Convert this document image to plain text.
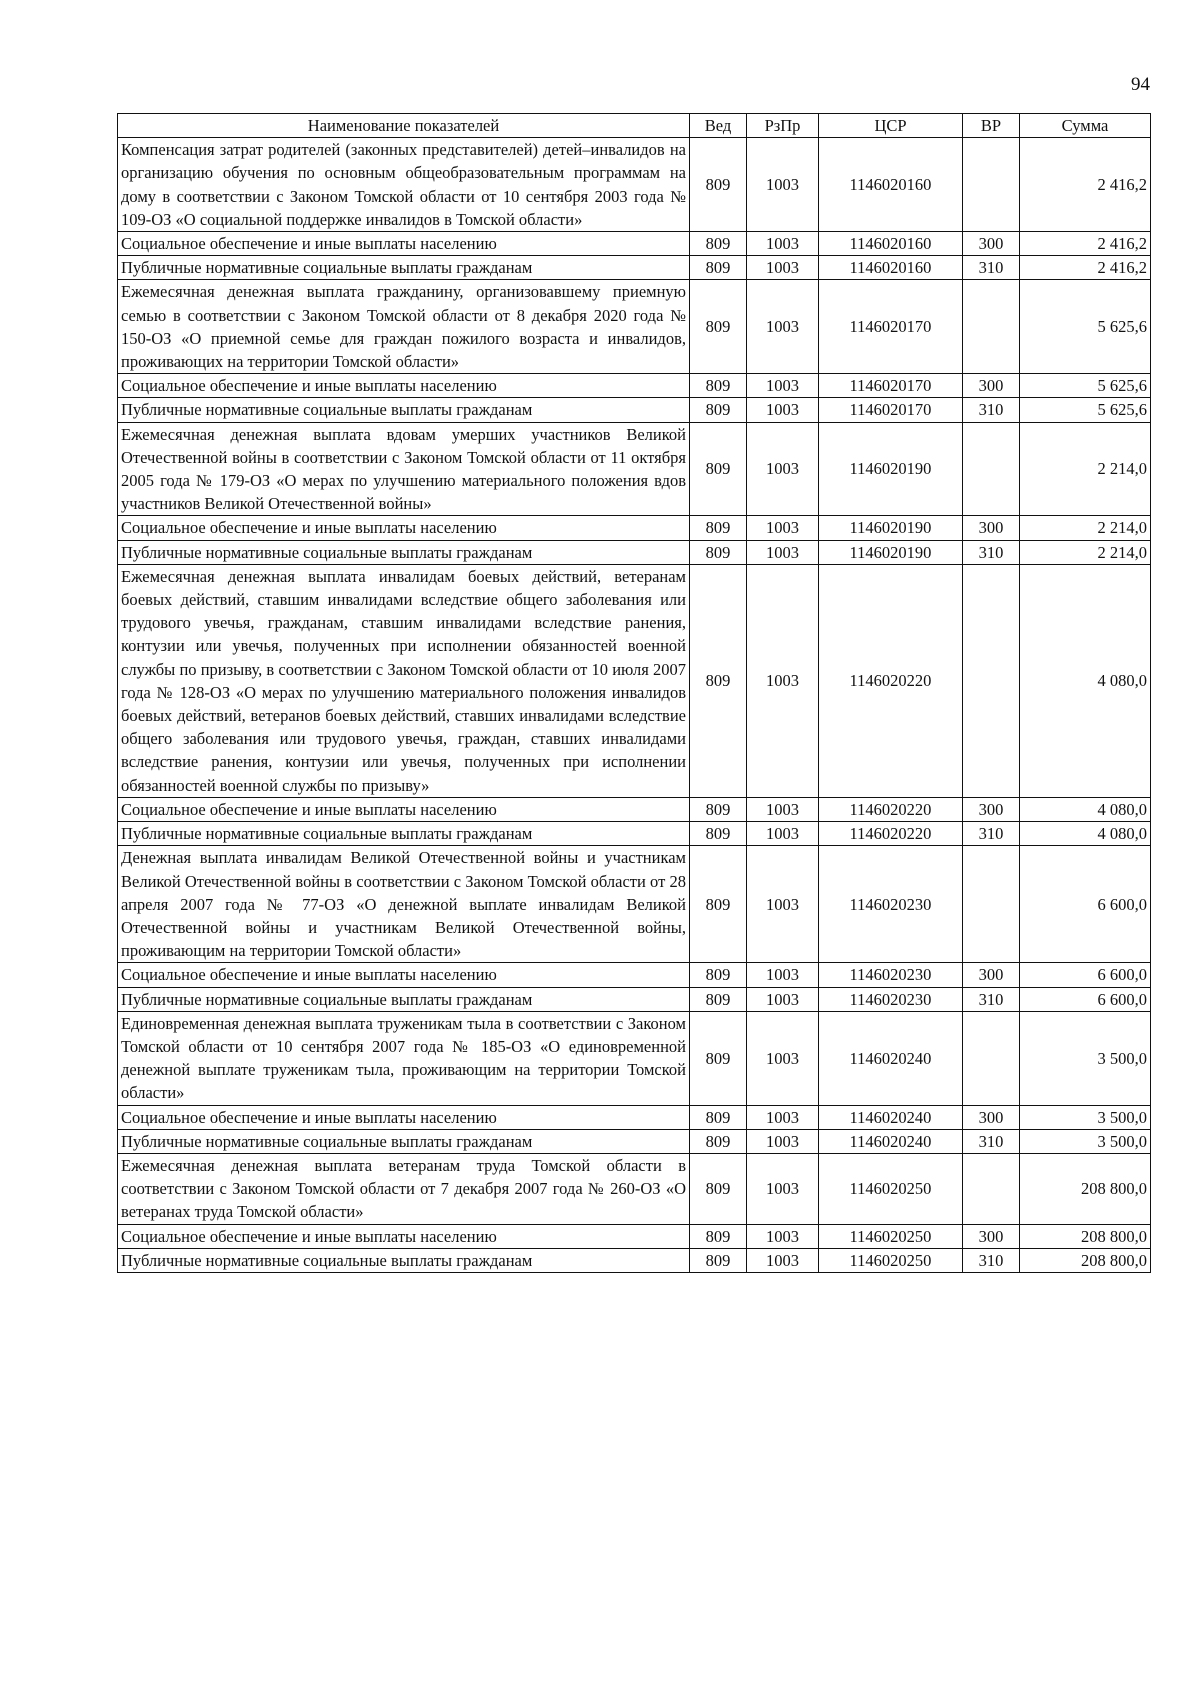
94
Наименование показателей	Вед	РзПр	ЦСР	ВР	Сумма
Компенсация затрат родителей (законных представителей) детей–инвалидов на организацию обучения по основным общеобразовательным программам на дому в соответствии с Законом Томской области от 10 сентября 2003 года № 109-ОЗ «О социальной поддержке инвалидов в Томской области»	809	1003	1146020160		2 416,2
Социальное обеспечение и иные выплаты населению	809	1003	1146020160	300	2 416,2
Публичные нормативные социальные выплаты гражданам	809	1003	1146020160	310	2 416,2
Ежемесячная денежная выплата гражданину, организовавшему приемную семью в соответствии с Законом Томской области от 8 декабря 2020 года № 150-ОЗ «О приемной семье для граждан пожилого возраста и инвалидов, проживающих на территории Томской области»	809	1003	1146020170		5 625,6
Социальное обеспечение и иные выплаты населению	809	1003	1146020170	300	5 625,6
Публичные нормативные социальные выплаты гражданам	809	1003	1146020170	310	5 625,6
Ежемесячная денежная выплата вдовам умерших участников Великой Отечественной войны в соответствии с Законом Томской области от 11 октября 2005 года № 179-ОЗ «О мерах по улучшению материального положения вдов участников Великой Отечественной войны»	809	1003	1146020190		2 214,0
Социальное обеспечение и иные выплаты населению	809	1003	1146020190	300	2 214,0
Публичные нормативные социальные выплаты гражданам	809	1003	1146020190	310	2 214,0
Ежемесячная денежная выплата инвалидам боевых действий, ветеранам боевых действий, ставшим инвалидами вследствие общего заболевания или трудового увечья, гражданам, ставшим инвалидами вследствие ранения, контузии или увечья, полученных при исполнении обязанностей военной службы по призыву, в соответствии с Законом Томской области от 10 июля 2007 года № 128-ОЗ «О мерах по улучшению материального положения инвалидов боевых действий, ветеранов боевых действий, ставших инвалидами вследствие общего заболевания или трудового увечья, граждан, ставших инвалидами вследствие ранения, контузии или увечья, полученных при исполнении обязанностей военной службы по призыву»	809	1003	1146020220		4 080,0
Социальное обеспечение и иные выплаты населению	809	1003	1146020220	300	4 080,0
Публичные нормативные социальные выплаты гражданам	809	1003	1146020220	310	4 080,0
Денежная выплата инвалидам Великой Отечественной войны и участникам Великой Отечественной войны в соответствии с Законом Томской области от 28 апреля 2007 года № 77-ОЗ «О денежной выплате инвалидам Великой Отечественной войны и участникам Великой Отечественной войны, проживающим на территории Томской области»	809	1003	1146020230		6 600,0
Социальное обеспечение и иные выплаты населению	809	1003	1146020230	300	6 600,0
Публичные нормативные социальные выплаты гражданам	809	1003	1146020230	310	6 600,0
Единовременная денежная выплата труженикам тыла в соответствии с Законом Томской области от 10 сентября 2007 года № 185-ОЗ «О единовременной денежной выплате труженикам тыла, проживающим на территории Томской области»	809	1003	1146020240		3 500,0
Социальное обеспечение и иные выплаты населению	809	1003	1146020240	300	3 500,0
Публичные нормативные социальные выплаты гражданам	809	1003	1146020240	310	3 500,0
Ежемесячная денежная выплата ветеранам труда Томской области в соответствии с Законом Томской области от 7 декабря 2007 года № 260-ОЗ «О ветеранах труда Томской области»	809	1003	1146020250		208 800,0
Социальное обеспечение и иные выплаты населению	809	1003	1146020250	300	208 800,0
Публичные нормативные социальные выплаты гражданам	809	1003	1146020250	310	208 800,0
